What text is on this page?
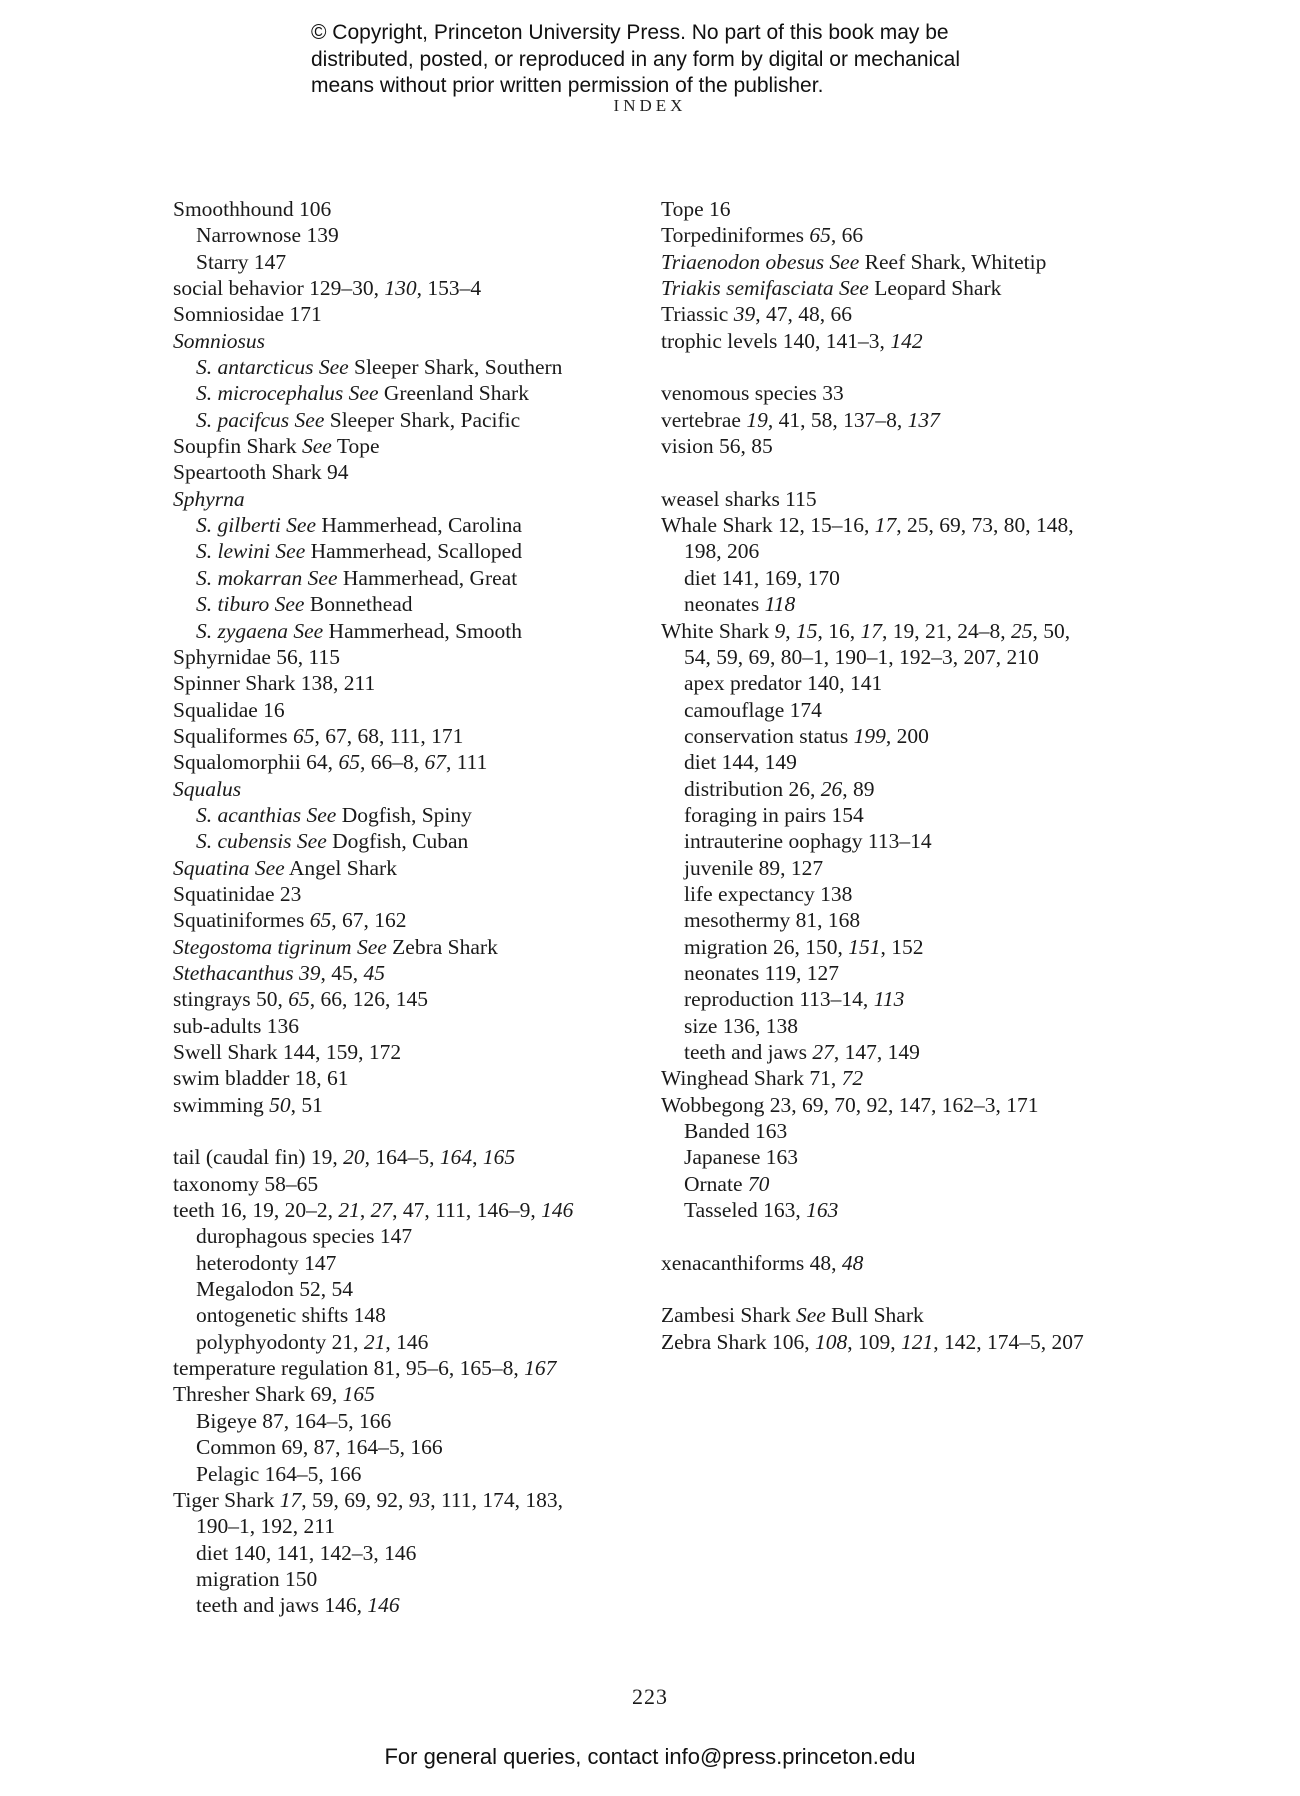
© Copyright, Princeton University Press. No part of this book may be
distributed, posted, or reproduced in any form by digital or mechanical
means without prior written permission of the publisher.
INDEX
Smoothhound 106
Narrownose 139
Starry 147
social behavior 129–30, 130, 153–4
Somniosidae 171
Somniosus
S. antarcticus See Sleeper Shark, Southern
S. microcephalus See Greenland Shark
S. pacifcus See Sleeper Shark, Pacific
Soupfin Shark See Tope
Speartooth Shark 94
Sphyrna
S. gilberti See Hammerhead, Carolina
S. lewini See Hammerhead, Scalloped
S. mokarran See Hammerhead, Great
S. tiburo See Bonnethead
S. zygaena See Hammerhead, Smooth
Sphyrnidae 56, 115
Spinner Shark 138, 211
Squalidae 16
Squaliformes 65, 67, 68, 111, 171
Squalomorphii 64, 65, 66–8, 67, 111
Squalus
S. acanthias See Dogfish, Spiny
S. cubensis See Dogfish, Cuban
Squatina See Angel Shark
Squatinidae 23
Squatiniformes 65, 67, 162
Stegostoma tigrinum See Zebra Shark
Stethacanthus 39, 45, 45
stingrays 50, 65, 66, 126, 145
sub-adults 136
Swell Shark 144, 159, 172
swim bladder 18, 61
swimming 50, 51
tail (caudal fin) 19, 20, 164–5, 164, 165
taxonomy 58–65
teeth 16, 19, 20–2, 21, 27, 47, 111, 146–9, 146
durophagous species 147
heterodonty 147
Megalodon 52, 54
ontogenetic shifts 148
polyphyodonty 21, 21, 146
temperature regulation 81, 95–6, 165–8, 167
Thresher Shark 69, 165
Bigeye 87, 164–5, 166
Common 69, 87, 164–5, 166
Pelagic 164–5, 166
Tiger Shark 17, 59, 69, 92, 93, 111, 174, 183,
190–1, 192, 211
diet 140, 141, 142–3, 146
migration 150
teeth and jaws 146, 146
Tope 16
Torpediniformes 65, 66
Triaenodon obesus See Reef Shark, Whitetip
Triakis semifasciata See Leopard Shark
Triassic 39, 47, 48, 66
trophic levels 140, 141–3, 142
venomous species 33
vertebrae 19, 41, 58, 137–8, 137
vision 56, 85
weasel sharks 115
Whale Shark 12, 15–16, 17, 25, 69, 73, 80, 148,
198, 206
diet 141, 169, 170
neonates 118
White Shark 9, 15, 16, 17, 19, 21, 24–8, 25, 50,
54, 59, 69, 80–1, 190–1, 192–3, 207, 210
apex predator 140, 141
camouflage 174
conservation status 199, 200
diet 144, 149
distribution 26, 26, 89
foraging in pairs 154
intrauterine oophagy 113–14
juvenile 89, 127
life expectancy 138
mesothermy 81, 168
migration 26, 150, 151, 152
neonates 119, 127
reproduction 113–14, 113
size 136, 138
teeth and jaws 27, 147, 149
Winghead Shark 71, 72
Wobbegong 23, 69, 70, 92, 147, 162–3, 171
Banded 163
Japanese 163
Ornate 70
Tasseled 163, 163
xenacanthiforms 48, 48
Zambesi Shark See Bull Shark
Zebra Shark 106, 108, 109, 121, 142, 174–5, 207
223
For general queries, contact info@press.princeton.edu
